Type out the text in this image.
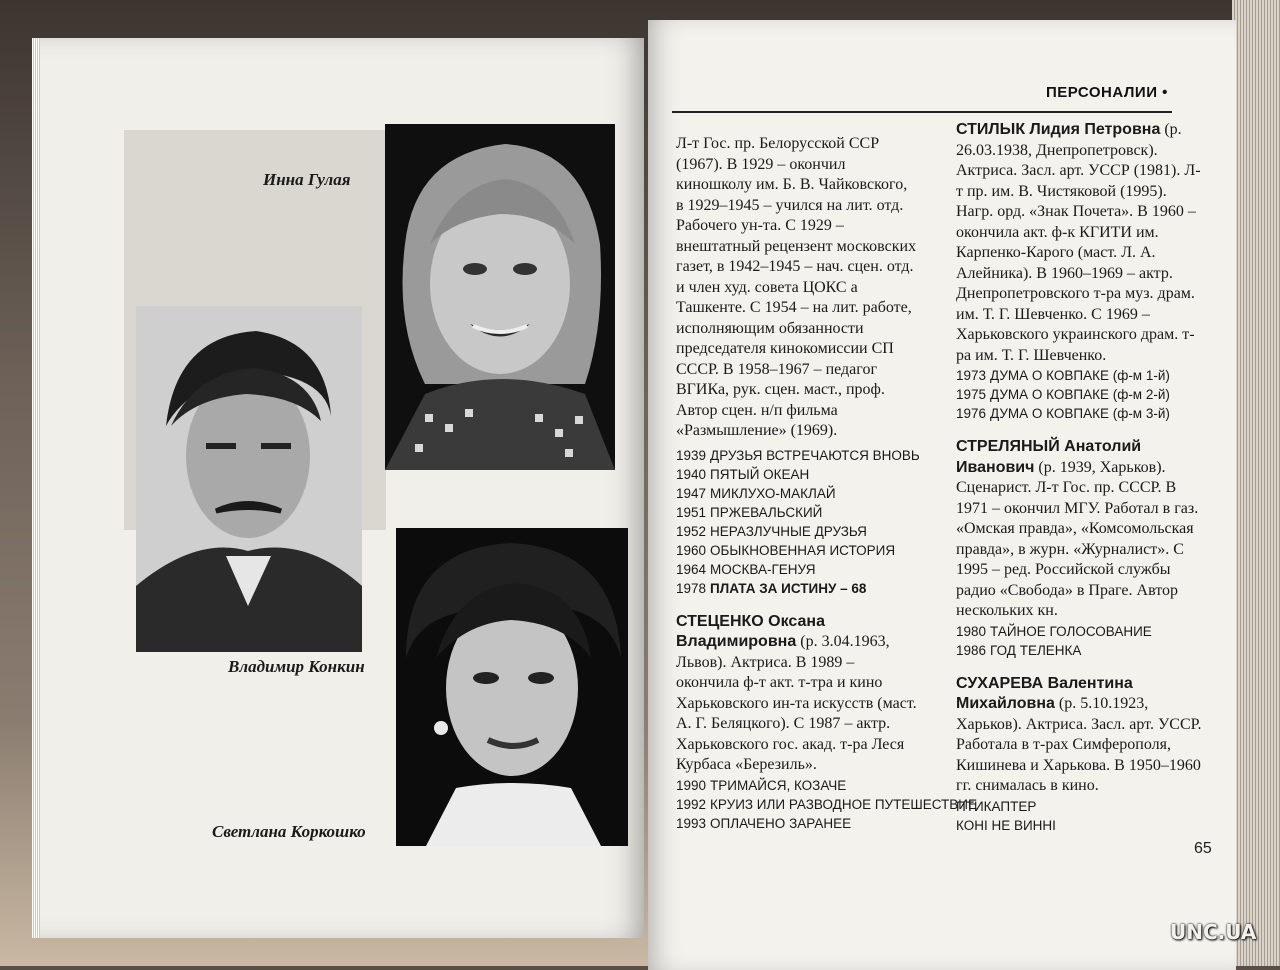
Инна Гулая
Владимир Конкин
Светлана Коркошко
ПЕРСОНАЛИИ •

Л-т Гос. пр. Белорусской ССР (1967). В 1929 – окончил киношколу им. Б. В. Чайковского, в 1929–1945 – учился на лит. отд. Рабочего ун-та. С 1929 – внештатный рецензент московских газет, в 1942–1945 – нач. сцен. отд. и член худ. совета ЦОКС а Ташкенте. С 1954 – на лит. работе, исполняющим обязанности председателя кинокомиссии СП СССР. В 1958–1967 – педагог ВГИКа, рук. сцен. маст., проф. Автор сцен. н/п фильма «Размышление» (1969).

1939 ДРУЗЬЯ ВСТРЕЧАЮТСЯ ВНОВЬ
1940 ПЯТЫЙ ОКЕАН
1947 МИКЛУХО-МАКЛАЙ
1951 ПРЖЕВАЛЬСКИЙ
1952 НЕРАЗЛУЧНЫЕ ДРУЗЬЯ
1960 ОБЫКНОВЕННАЯ ИСТОРИЯ
1964 МОСКВА-ГЕНУЯ
1978 ПЛАТА ЗА ИСТИНУ – 68

СТЕЦЕНКО Оксана Владимировна (р. 3.04.1963, Львов). Актриса. В 1989 – окончила ф-т акт. т-тра и кино Харьковского ин-та искусств (маст. А. Г. Беляцкого). С 1987 – актр. Харьковского гос. акад. т-ра Леся Курбаса «Березиль».

1990 ТРИМАЙСЯ, КОЗАЧЕ
1992 КРУИЗ ИЛИ РАЗВОДНОЕ ПУТЕШЕСТВИЕ
1993 ОПЛАЧЕНО ЗАРАНЕЕ

СТИЛЫК Лидия Петровна (р. 26.03.1938, Днепропетровск). Актриса. Засл. арт. УССР (1981). Л-т пр. им. В. Чистяковой (1995). Нагр. орд. «Знак Почета». В 1960 – окончила акт. ф-к КГИТИ им. Карпенко-Карого (маст. Л. А. Алейника). В 1960–1969 – актр. Днепропетровского т-ра муз. драм. им. Т. Г. Шевченко. С 1969 – Харьковского украинского драм. т-ра им. Т. Г. Шевченко.

1973 ДУМА О КОВПАКЕ (ф-м 1-й)
1975 ДУМА О КОВПАКЕ (ф-м 2-й)
1976 ДУМА О КОВПАКЕ (ф-м 3-й)

СТРЕЛЯНЫЙ Анатолий Иванович (р. 1939, Харьков). Сценарист. Л-т Гос. пр. СССР. В 1971 – окончил МГУ. Работал в газ. «Омская правда», «Комсомольская правда», в журн. «Журналист». С 1995 – ред. Российской службы радио «Свобода» в Праге. Автор нескольких кн.

1980 ТАЙНОЕ ГОЛОСОВАНИЕ
1986 ГОД ТЕЛЕНКА

СУХАРЕВА Валентина Михайловна (р. 5.10.1923, Харьков). Актриса. Засл. арт. УССР. Работала в т-рах Симферополя, Кишинева и Харькова. В 1950–1960 гг. снималась в кино.

ПТИКАПТЕР
КОНІ НЕ ВИННІ
65
UNC.UA
